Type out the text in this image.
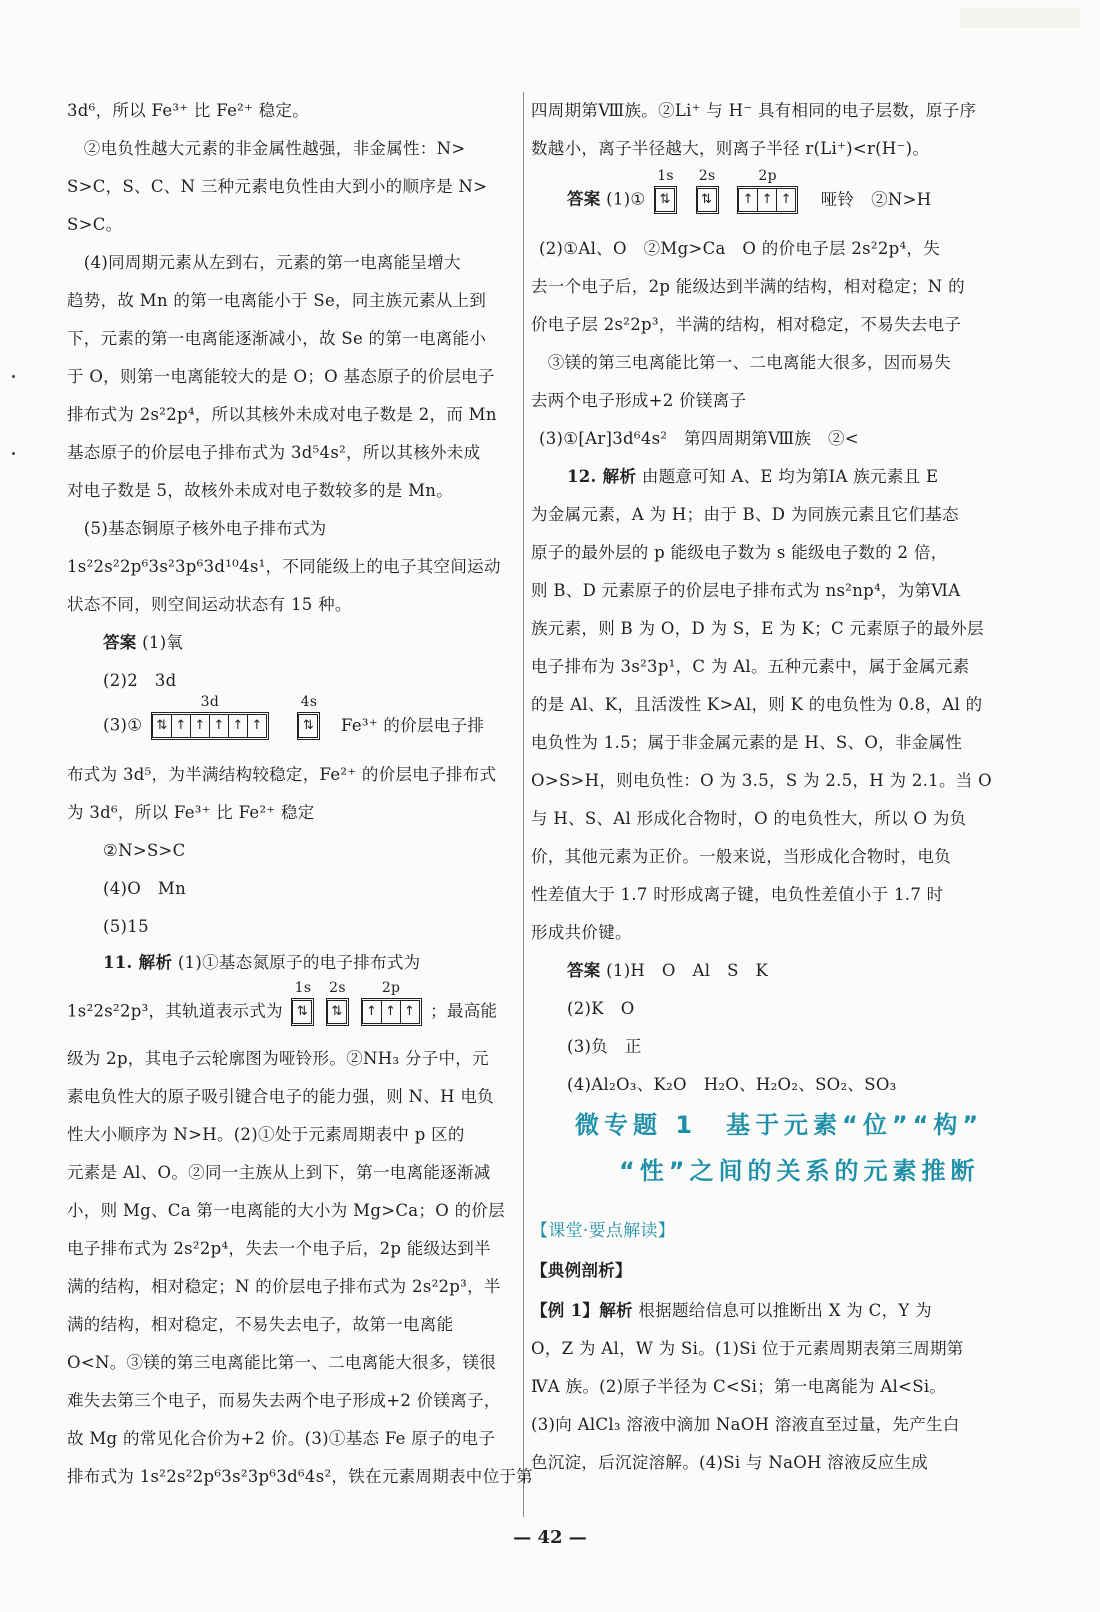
3d⁶，所以 Fe³⁺ 比 Fe²⁺ 稳定。
　②电负性越大元素的非金属性越强，非金属性：N>
S>C，S、C、N 三种元素电负性由大到小的顺序是 N>
S>C。
　(4)同周期元素从左到右，元素的第一电离能呈增大
趋势，故 Mn 的第一电离能小于 Se，同主族元素从上到
下，元素的第一电离能逐渐减小，故 Se 的第一电离能小
于 O，则第一电离能较大的是 O；O 基态原子的价层电子
排布式为 2s²2p⁴，所以其核外未成对电子数是 2，而 Mn
基态原子的价层电子排布式为 3d⁵4s²，所以其核外未成
对电子数是 5，故核外未成对电子数较多的是 Mn。
　(5)基态铜原子核外电子排布式为
1s²2s²2p⁶3s²3p⁶3d¹⁰4s¹，不同能级上的电子其空间运动
状态不同，则空间运动状态有 15 种。
答案 (1)氧
(2)2　3d
(3)①
3d
⇅ ↑ ↑ ↑ ↑ ↑

4s
⇅ Fe³⁺ 的价层电子排
布式为 3d⁵，为半满结构较稳定，Fe²⁺ 的价层电子排布式
为 3d⁶，所以 Fe³⁺ 比 Fe²⁺ 稳定
②N>S>C
(4)O　Mn
(5)15
11. 解析 (1)①基态氮原子的电子排布式为
1s²2s²2p³，其轨道表示式为
1s
⇅

2s
⇅

2p
↑ ↑ ↑ ；最高能
级为 2p，其电子云轮廓图为哑铃形。②NH₃ 分子中，元
素电负性大的原子吸引键合电子的能力强，则 N、H 电负
性大小顺序为 N>H。(2)①处于元素周期表中 p 区的
元素是 Al、O。②同一主族从上到下，第一电离能逐渐减
小，则 Mg、Ca 第一电离能的大小为 Mg>Ca；O 的价层
电子排布式为 2s²2p⁴，失去一个电子后，2p 能级达到半
满的结构，相对稳定；N 的价层电子排布式为 2s²2p³，半
满的结构，相对稳定，不易失去电子，故第一电离能
O<N。③镁的第三电离能比第一、二电离能大很多，镁很
难失去第三个电子，而易失去两个电子形成+2 价镁离子，
故 Mg 的常见化合价为+2 价。(3)①基态 Fe 原子的电子
排布式为 1s²2s²2p⁶3s²3p⁶3d⁶4s²，铁在元素周期表中位于第
四周期第Ⅷ族。②Li⁺ 与 H⁻ 具有相同的电子层数，原子序
数越小，离子半径越大，则离子半径 r(Li⁺)<r(H⁻)。
答案 (1)①
1s
⇅

2s
⇅

2p
↑ ↑ ↑ 哑铃　②N>H
(2)①Al、O　②Mg>Ca　O 的价电子层 2s²2p⁴，失
去一个电子后，2p 能级达到半满的结构，相对稳定；N 的
价电子层 2s²2p³，半满的结构，相对稳定，不易失去电子
　③镁的第三电离能比第一、二电离能大很多，因而易失
去两个电子形成+2 价镁离子
(3)①[Ar]3d⁶4s²　第四周期第Ⅷ族　②<
12. 解析 由题意可知 A、E 均为第ⅠA 族元素且 E
为金属元素，A 为 H；由于 B、D 为同族元素且它们基态
原子的最外层的 p 能级电子数为 s 能级电子数的 2 倍，
则 B、D 元素原子的价层电子排布式为 ns²np⁴，为第ⅥA
族元素，则 B 为 O，D 为 S，E 为 K；C 元素原子的最外层
电子排布为 3s²3p¹，C 为 Al。五种元素中，属于金属元素
的是 Al、K，且活泼性 K>Al，则 K 的电负性为 0.8，Al 的
电负性为 1.5；属于非金属元素的是 H、S、O，非金属性
O>S>H，则电负性：O 为 3.5，S 为 2.5，H 为 2.1。当 O
与 H、S、Al 形成化合物时，O 的电负性大，所以 O 为负
价，其他元素为正价。一般来说，当形成化合物时，电负
性差值大于 1.7 时形成离子键，电负性差值小于 1.7 时
形成共价键。
答案 (1)H　O　Al　S　K
(2)K　O
(3)负　正
(4)Al₂O₃、K₂O　H₂O、H₂O₂、SO₂、SO₃
微专题 1　基于元素“位”“构”
“性”之间的关系的元素推断
【课堂·要点解读】
【典例剖析】
【例 1】解析 根据题给信息可以推断出 X 为 C，Y 为
O，Z 为 Al，W 为 Si。(1)Si 位于元素周期表第三周期第
ⅣA 族。(2)原子半径为 C<Si；第一电离能为 Al<Si。
(3)向 AlCl₃ 溶液中滴加 NaOH 溶液直至过量，先产生白
色沉淀，后沉淀溶解。(4)Si 与 NaOH 溶液反应生成
— 42 —
